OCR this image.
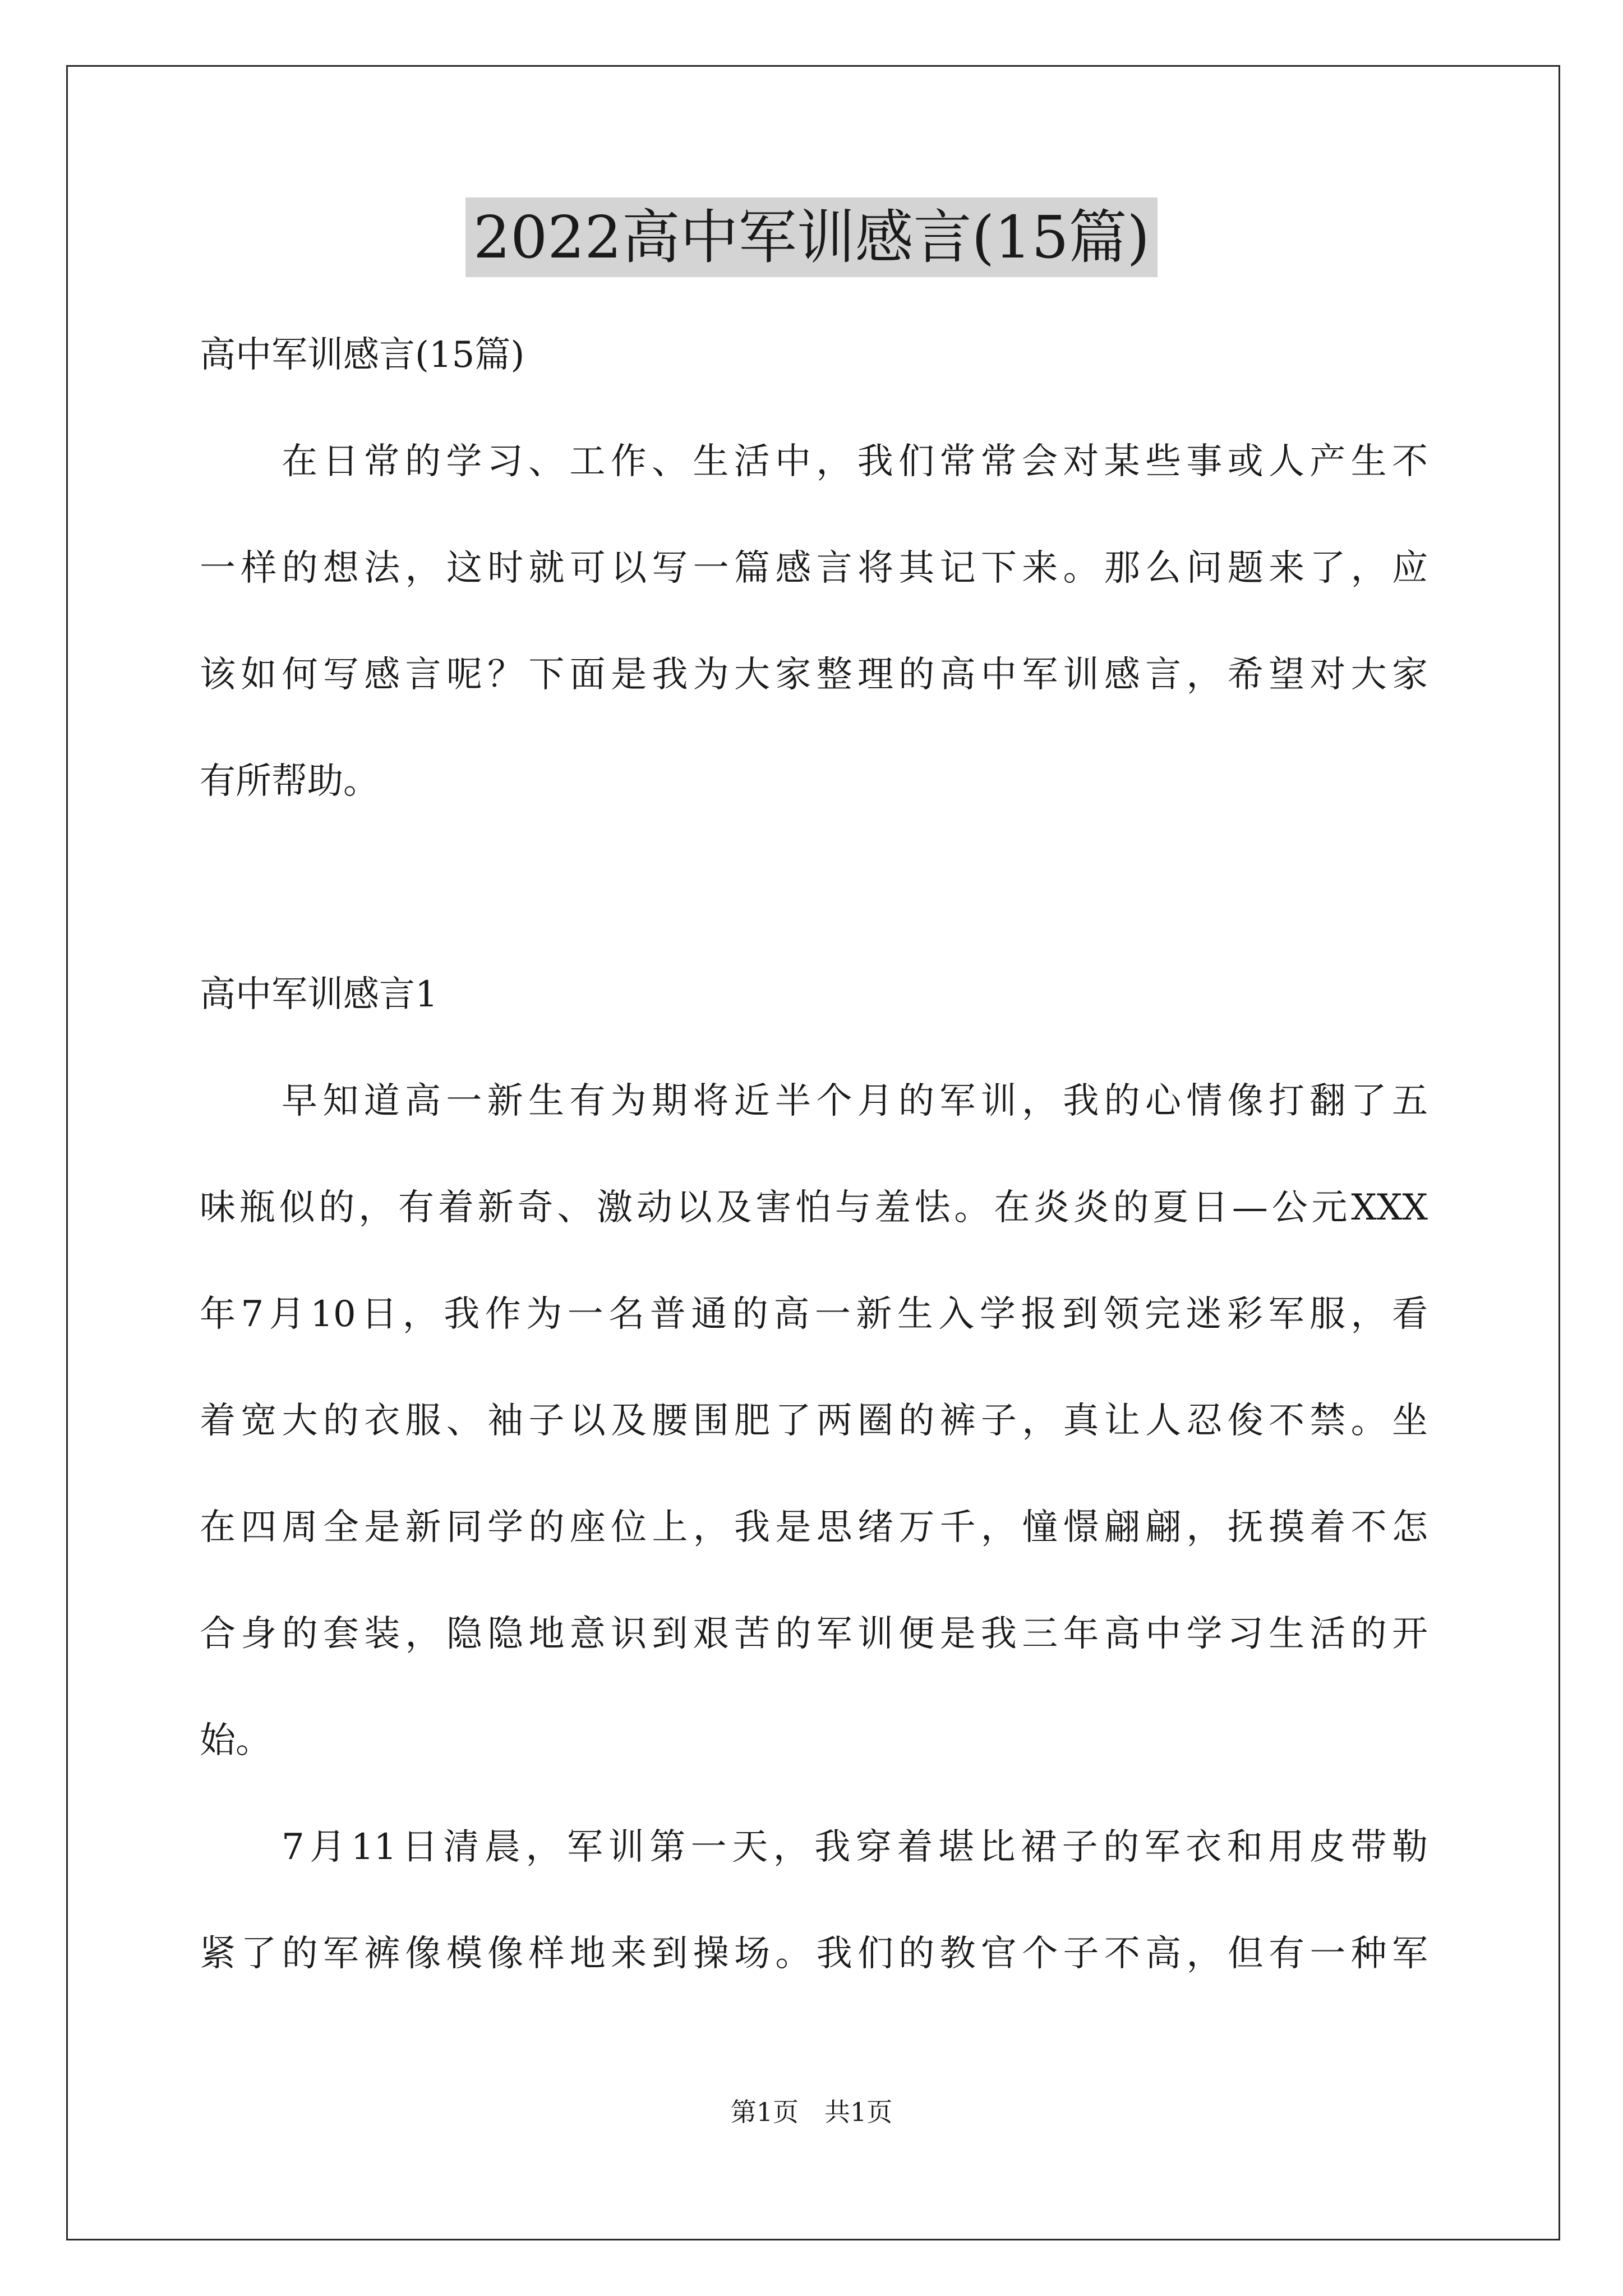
2022高中军训感言(15篇)
高中军训感言(15篇)
在日常的学习、工作、生活中，我们常常会对某些事或人产生不
一样的想法，这时就可以写一篇感言将其记下来。那么问题来了，应
该如何写感言呢？下面是我为大家整理的高中军训感言，希望对大家
有所帮助。
高中军训感言1
早知道高一新生有为期将近半个月的军训，我的心情像打翻了五
味瓶似的，有着新奇、激动以及害怕与羞怯。在炎炎的夏日—公元XXX
年7月10日，我作为一名普通的高一新生入学报到领完迷彩军服，看
着宽大的衣服、袖子以及腰围肥了两圈的裤子，真让人忍俊不禁。坐
在四周全是新同学的座位上，我是思绪万千，憧憬翩翩，抚摸着不怎
合身的套装，隐隐地意识到艰苦的军训便是我三年高中学习生活的开
始。
7月11日清晨，军训第一天，我穿着堪比裙子的军衣和用皮带勒
紧了的军裤像模像样地来到操场。我们的教官个子不高，但有一种军
第1页　共1页
